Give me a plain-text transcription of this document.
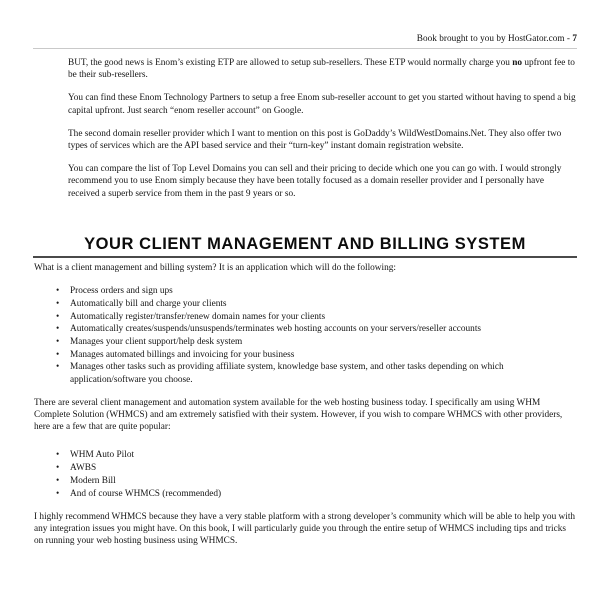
Book brought to you by HostGator.com - 7

BUT, the good news is Enom’s existing ETP are allowed to setup sub-resellers. These ETP would normally charge you no upfront fee to be their sub-resellers.

You can find these Enom Technology Partners to setup a free Enom sub-reseller account to get you started without having to spend a big capital upfront. Just search “enom reseller account” on Google.

The second domain reseller provider which I want to mention on this post is GoDaddy’s WildWestDomains.Net. They also offer two types of services which are the API based service and their “turn-key” instant domain registration website.

You can compare the list of Top Level Domains you can sell and their pricing to decide which one you can go with. I would strongly recommend you to use Enom simply because they have been totally focused as a domain reseller provider and I personally have received a superb service from them in the past 9 years or so.

YOUR CLIENT MANAGEMENT AND BILLING SYSTEM

What is a client management and billing system? It is an application which will do the following:

• Process orders and sign ups
• Automatically bill and charge your clients
• Automatically register/transfer/renew domain names for your clients
• Automatically creates/suspends/unsuspends/terminates web hosting accounts on your servers/reseller accounts
• Manages your client support/help desk system
• Manages automated billings and invoicing for your business
• Manages other tasks such as providing affiliate system, knowledge base system, and other tasks depending on which application/software you choose.

There are several client management and automation system available for the web hosting business today. I specifically am using WHM Complete Solution (WHMCS) and am extremely satisfied with their system. However, if you wish to compare WHMCS with other providers, here are a few that are quite popular:

• WHM Auto Pilot
• AWBS
• Modern Bill
• And of course WHMCS (recommended)

I highly recommend WHMCS because they have a very stable platform with a strong developer’s community which will be able to help you with any integration issues you might have. On this book, I will particularly guide you through the entire setup of WHMCS including tips and tricks on running your web hosting business using WHMCS.
